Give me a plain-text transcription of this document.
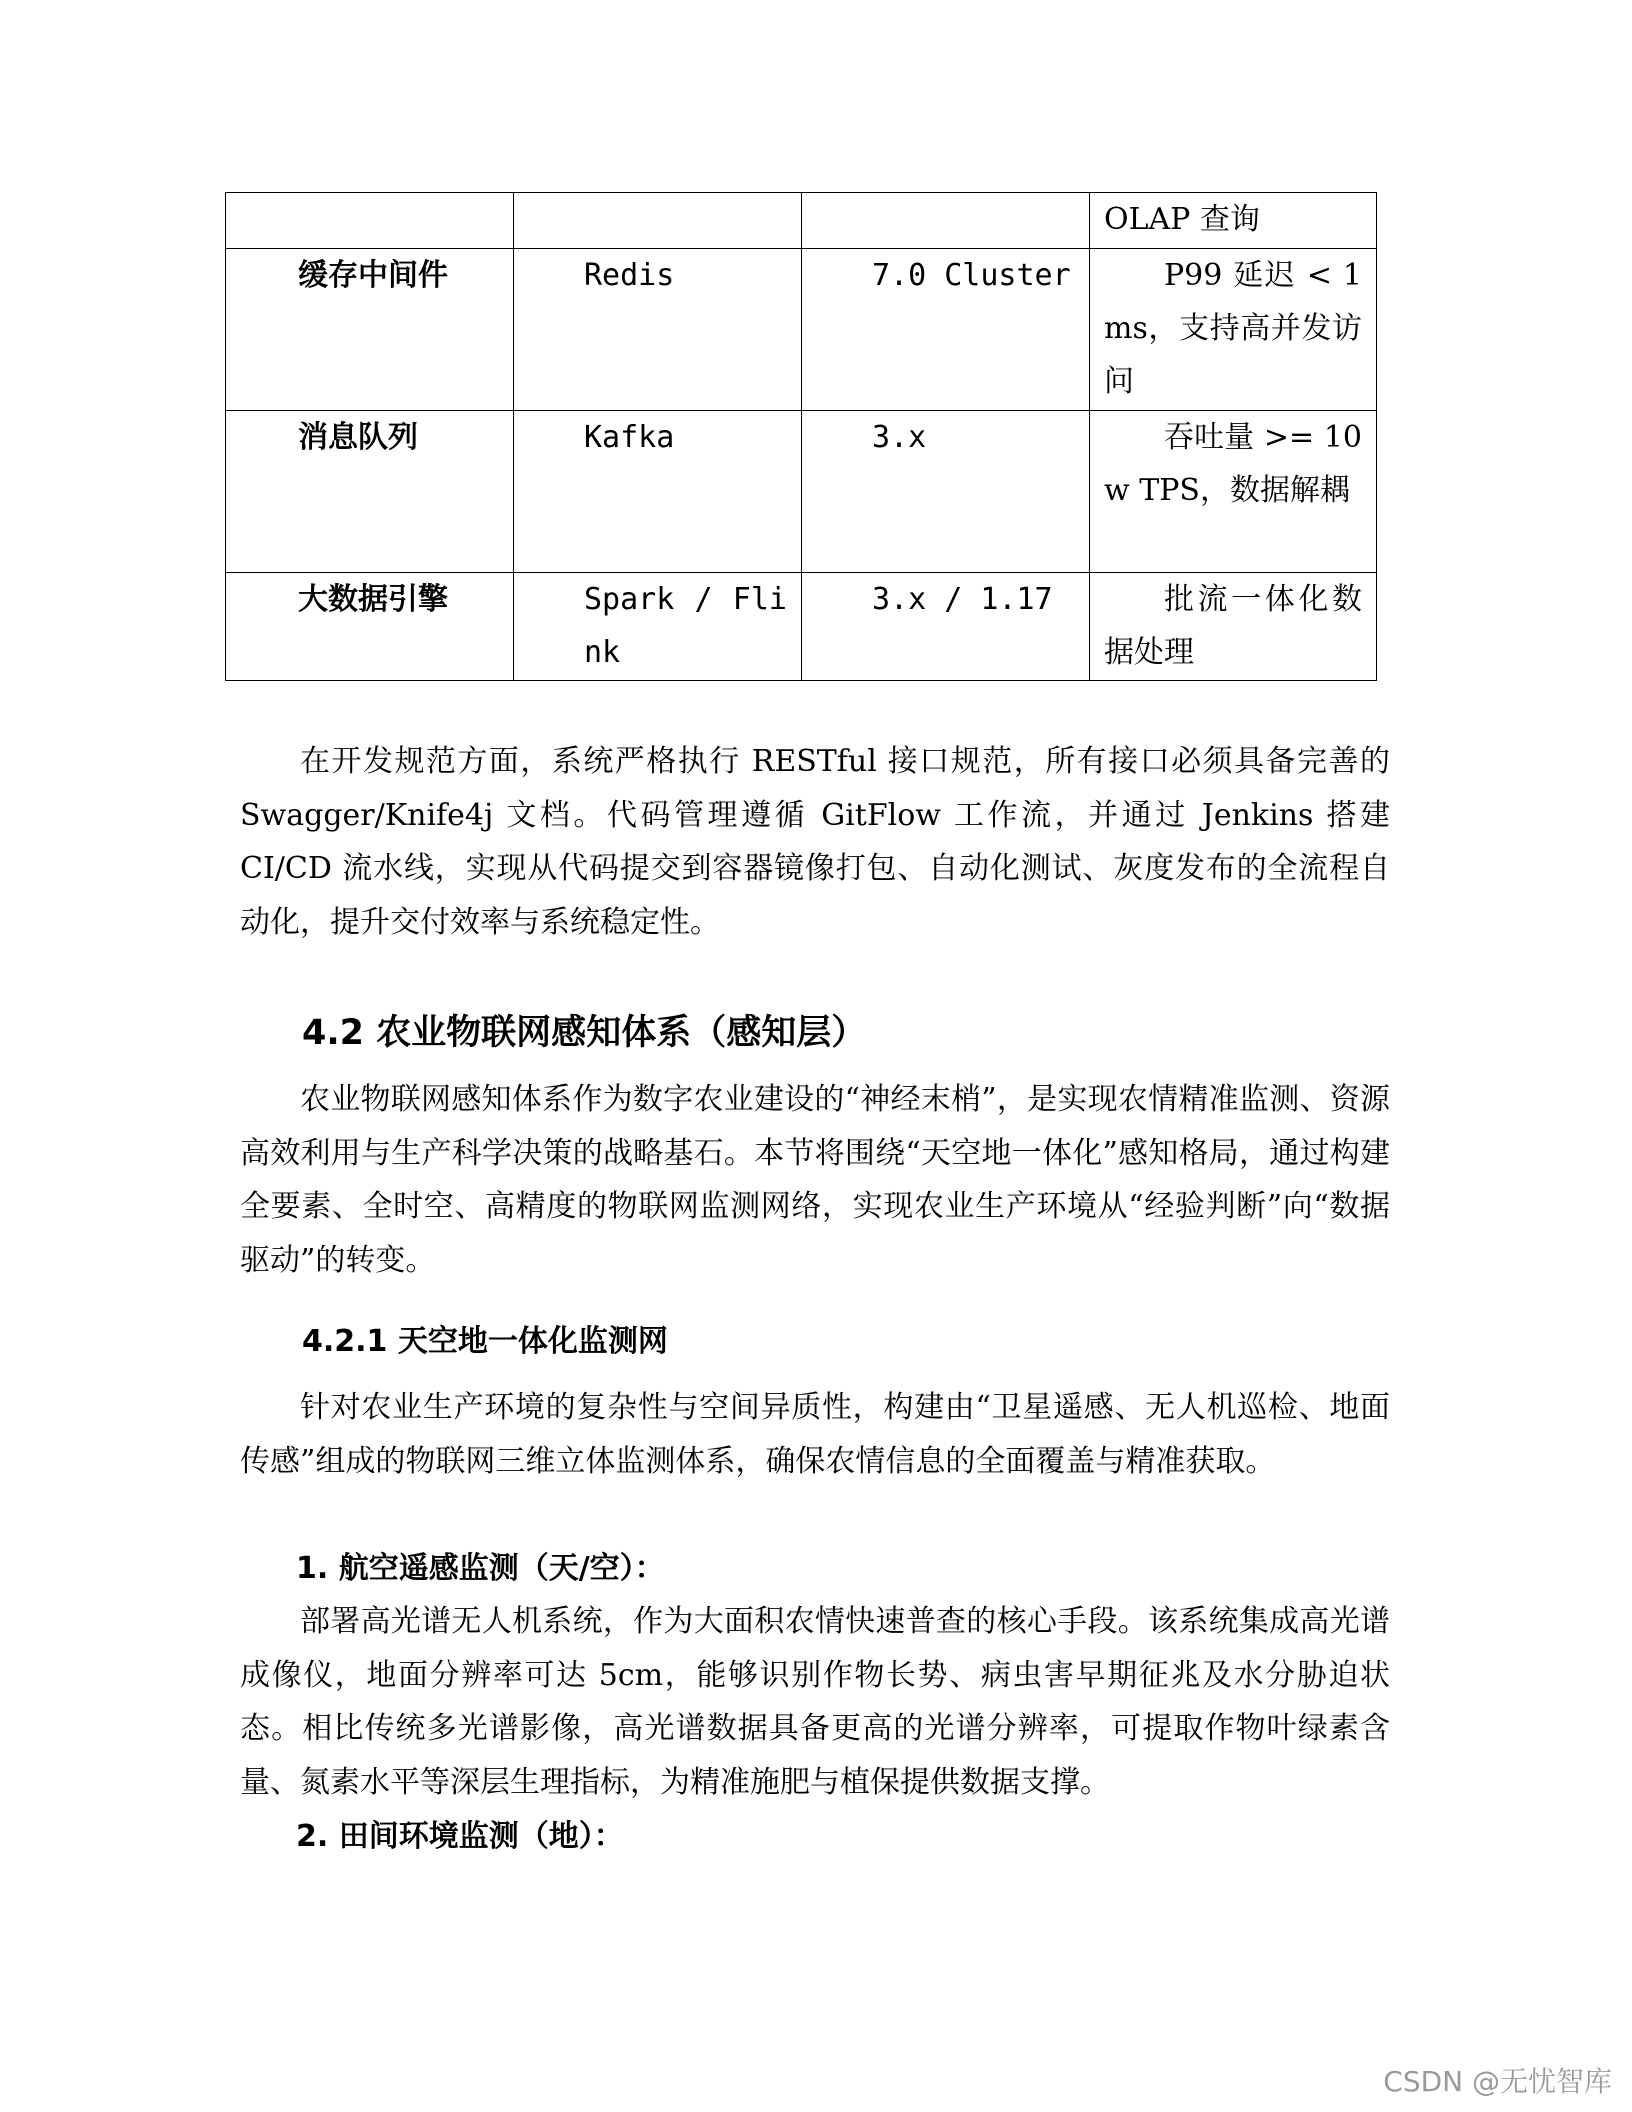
			OLAP 查询
缓存中间件	Redis	7.0 Cluster	P99 延迟 < 1ms，支持高并发访问
消息队列	Kafka	3.x	吞吐量 >= 10w TPS，数据解耦
大数据引擎	Spark / Flink	3.x / 1.17	批流一体化数据处理

在开发规范方面，系统严格执行 RESTful 接口规范，所有接口必须具备完善的 Swagger/Knife4j 文档。代码管理遵循 GitFlow 工作流，并通过 Jenkins 搭建 CI/CD 流水线，实现从代码提交到容器镜像打包、自动化测试、灰度发布的全流程自动化，提升交付效率与系统稳定性。

4.2 农业物联网感知体系（感知层）

农业物联网感知体系作为数字农业建设的“神经末梢”，是实现农情精准监测、资源高效利用与生产科学决策的战略基石。本节将围绕“天空地一体化”感知格局，通过构建全要素、全时空、高精度的物联网监测网络，实现农业生产环境从“经验判断”向“数据驱动”的转变。

4.2.1 天空地一体化监测网

针对农业生产环境的复杂性与空间异质性，构建由“卫星遥感、无人机巡检、地面传感”组成的物联网三维立体监测体系，确保农情信息的全面覆盖与精准获取。

1. 航空遥感监测（天/空）：

部署高光谱无人机系统，作为大面积农情快速普查的核心手段。该系统集成高光谱成像仪，地面分辨率可达 5cm，能够识别作物长势、病虫害早期征兆及水分胁迫状态。相比传统多光谱影像，高光谱数据具备更高的光谱分辨率，可提取作物叶绿素含量、氮素水平等深层生理指标，为精准施肥与植保提供数据支撑。

2. 田间环境监测（地）：

CSDN @无忧智库
